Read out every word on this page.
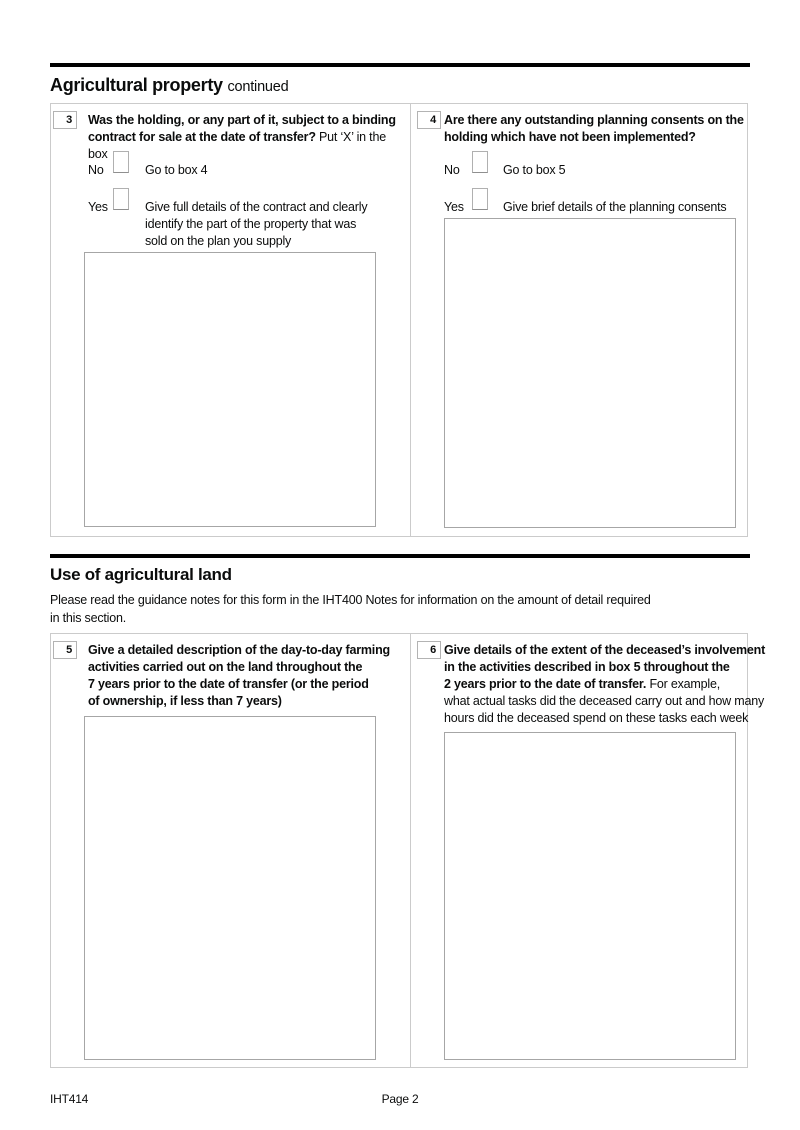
Agricultural property continued
3	Was the holding, or any part of it, subject to a binding
contract for sale at the date of transfer? Put ‘X’ in the box
No	Go to box 4
Yes	Give full details of the contract and clearly
identify the part of the property that was
sold on the plan you supply
4 Are there any outstanding planning consents on the
holding which have not been implemented?
No	Go to box 5
Yes	Give brief details of the planning consents
Use of agricultural land
Please read the guidance notes for this form in the IHT400 Notes for information on the amount of detail required
in this section.
5	Give a detailed description of the day-to-day farming
activities carried out on the land throughout the
7 years prior to the date of transfer (or the period
of ownership, if less than 7 years)
6 Give details of the extent of the deceased’s involvement
in the activities described in box 5 throughout the
2 years prior to the date of transfer. For example,
what actual tasks did the deceased carry out and how many
hours did the deceased spend on these tasks each week
IHT414	Page 2
